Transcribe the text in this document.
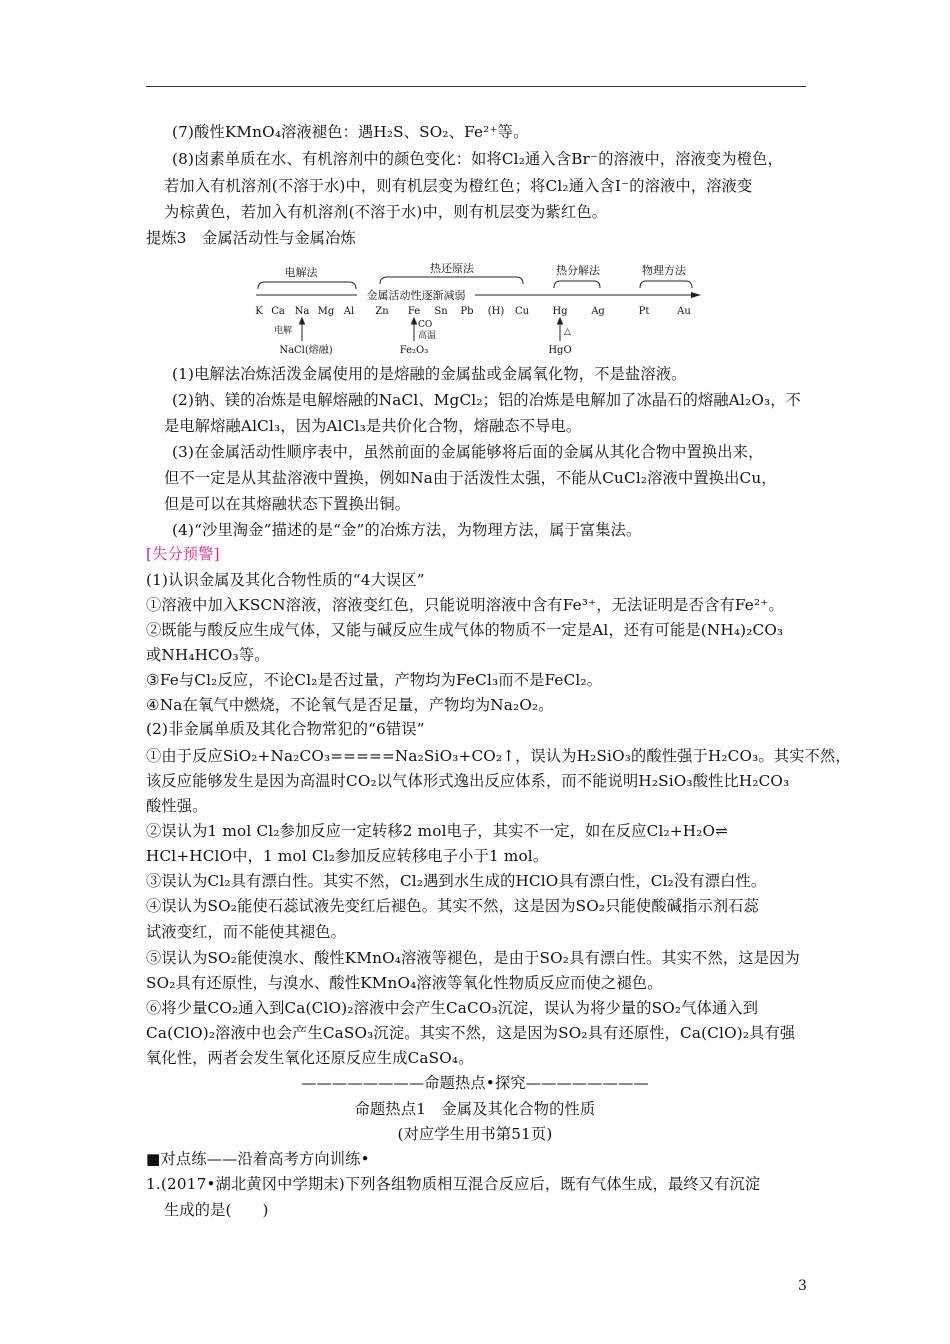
(7)酸性KMnO₄溶液褪色：遇H₂S、SO₂、Fe²⁺等。
(8)卤素单质在水、有机溶剂中的颜色变化：如将Cl₂通入含Br⁻的溶液中，溶液变为橙色，
若加入有机溶剂(不溶于水)中，则有机层变为橙红色；将Cl₂通入含I⁻的溶液中，溶液变
为棕黄色，若加入有机溶剂(不溶于水)中，则有机层变为紫红色。
提炼3　金属活动性与金属冶炼
电解法	热还原法	热分解法	物理方法
金属活动性逐渐减弱
K Ca Na Mg Al Zn Fe Sn Pb (H) Cu Hg Ag	Pt	Au
电解
CO
高温	△
NaCl(熔融)	Fe₂O₃	HgO
(1)电解法冶炼活泼金属使用的是熔融的金属盐或金属氧化物，不是盐溶液。
(2)钠、镁的冶炼是电解熔融的NaCl、MgCl₂；铝的冶炼是电解加了冰晶石的熔融Al₂O₃，不
是电解熔融AlCl₃，因为AlCl₃是共价化合物，熔融态不导电。
(3)在金属活动性顺序表中，虽然前面的金属能够将后面的金属从其化合物中置换出来，
但不一定是从其盐溶液中置换，例如Na由于活泼性太强，不能从CuCl₂溶液中置换出Cu，
但是可以在其熔融状态下置换出铜。
(4)“沙里淘金”描述的是“金”的冶炼方法，为物理方法，属于富集法。
[失分预警]
(1)认识金属及其化合物性质的“4大误区”
①溶液中加入KSCN溶液，溶液变红色，只能说明溶液中含有Fe³⁺，无法证明是否含有Fe²⁺。
②既能与酸反应生成气体，又能与碱反应生成气体的物质不一定是Al，还有可能是(NH₄)₂CO₃
或NH₄HCO₃等。
③Fe与Cl₂反应，不论Cl₂是否过量，产物均为FeCl₃而不是FeCl₂。
④Na在氧气中燃烧，不论氧气是否足量，产物均为Na₂O₂。
(2)非金属单质及其化合物常犯的“6错误”
①由于反应SiO₂+Na₂CO₃=====Na₂SiO₃+CO₂↑，误认为H₂SiO₃的酸性强于H₂CO₃。其实不然，
该反应能够发生是因为高温时CO₂以气体形式逸出反应体系，而不能说明H₂SiO₃酸性比H₂CO₃
酸性强。
②误认为1 mol Cl₂参加反应一定转移2 mol电子，其实不一定，如在反应Cl₂+H₂O⇌
HCl+HClO中，1 mol Cl₂参加反应转移电子小于1 mol。
③误认为Cl₂具有漂白性。其实不然，Cl₂遇到水生成的HClO具有漂白性，Cl₂没有漂白性。
④误认为SO₂能使石蕊试液先变红后褪色。其实不然，这是因为SO₂只能使酸碱指示剂石蕊
试液变红，而不能使其褪色。
⑤误认为SO₂能使溴水、酸性KMnO₄溶液等褪色，是由于SO₂具有漂白性。其实不然，这是因为
SO₂具有还原性，与溴水、酸性KMnO₄溶液等氧化性物质反应而使之褪色。
⑥将少量CO₂通入到Ca(ClO)₂溶液中会产生CaCO₃沉淀，误认为将少量的SO₂气体通入到
Ca(ClO)₂溶液中也会产生CaSO₃沉淀。其实不然，这是因为SO₂具有还原性，Ca(ClO)₂具有强
氧化性，两者会发生氧化还原反应生成CaSO₄。
————————命题热点•探究————————
命题热点1　金属及其化合物的性质
(对应学生用书第51页)
■对点练——沿着高考方向训练•
1.(2017•湖北黄冈中学期末)下列各组物质相互混合反应后，既有气体生成，最终又有沉淀
生成的是(　　)
3
